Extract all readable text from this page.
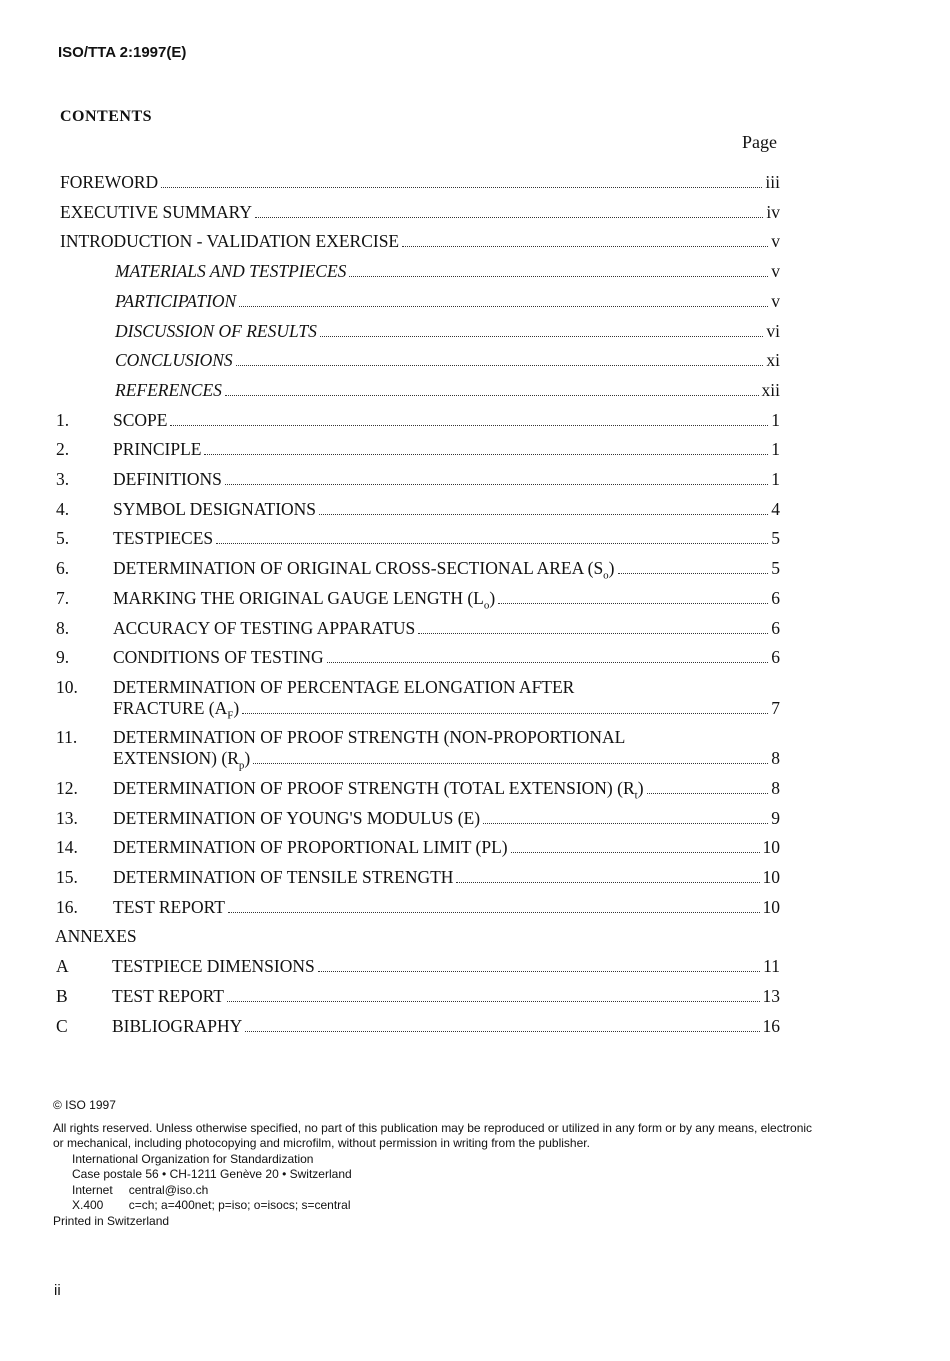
ISO/TTA 2:1997(E)
CONTENTS
Page
FOREWORD	iii
EXECUTIVE SUMMARY	iv
INTRODUCTION - VALIDATION EXERCISE	v
MATERIALS AND TESTPIECES	v
PARTICIPATION	v
DISCUSSION OF RESULTS	vi
CONCLUSIONS	xi
REFERENCES	xii
1.	SCOPE	1
2.	PRINCIPLE	1
3.	DEFINITIONS	1
4.	SYMBOL DESIGNATIONS	4
5.	TESTPIECES	5
6.	DETERMINATION OF ORIGINAL CROSS-SECTIONAL AREA $(S_o)$	5
7.	MARKING THE ORIGINAL GAUGE LENGTH $(L_o)$	6
8.	ACCURACY OF TESTING APPARATUS	6
9.	CONDITIONS OF TESTING	6
10. DETERMINATION OF PERCENTAGE ELONGATION AFTER
FRACTURE $(A_F)$	7
11. DETERMINATION OF PROOF STRENGTH (NON-PROPORTIONAL
EXTENSION) $(R_p)$	8
12. DETERMINATION OF PROOF STRENGTH (TOTAL EXTENSION) $(R_t)$	8
13. DETERMINATION OF YOUNG'S MODULUS (E)	9
14. DETERMINATION OF PROPORTIONAL LIMIT (PL)	10
15. DETERMINATION OF TENSILE STRENGTH	10
16. TEST REPORT	10
ANNEXES
A TESTPIECE DIMENSIONS	11
B	TEST REPORT	13
C	BIBLIOGRAPHY	16
© ISO 1997
All rights reserved. Unless otherwise specified, no part of this publication may be reproduced or utilized in any form or by any means, electronic
or mechanical, including photocopying and microfilm, without permission in writing from the publisher.
International Organization for Standardization
Case postale 56 • CH-1211 Genève 20 • Switzerland
Internet	central@iso.ch
X.400	c=ch; a=400net; p=iso; o=isocs; s=central
Printed in Switzerland
ii
